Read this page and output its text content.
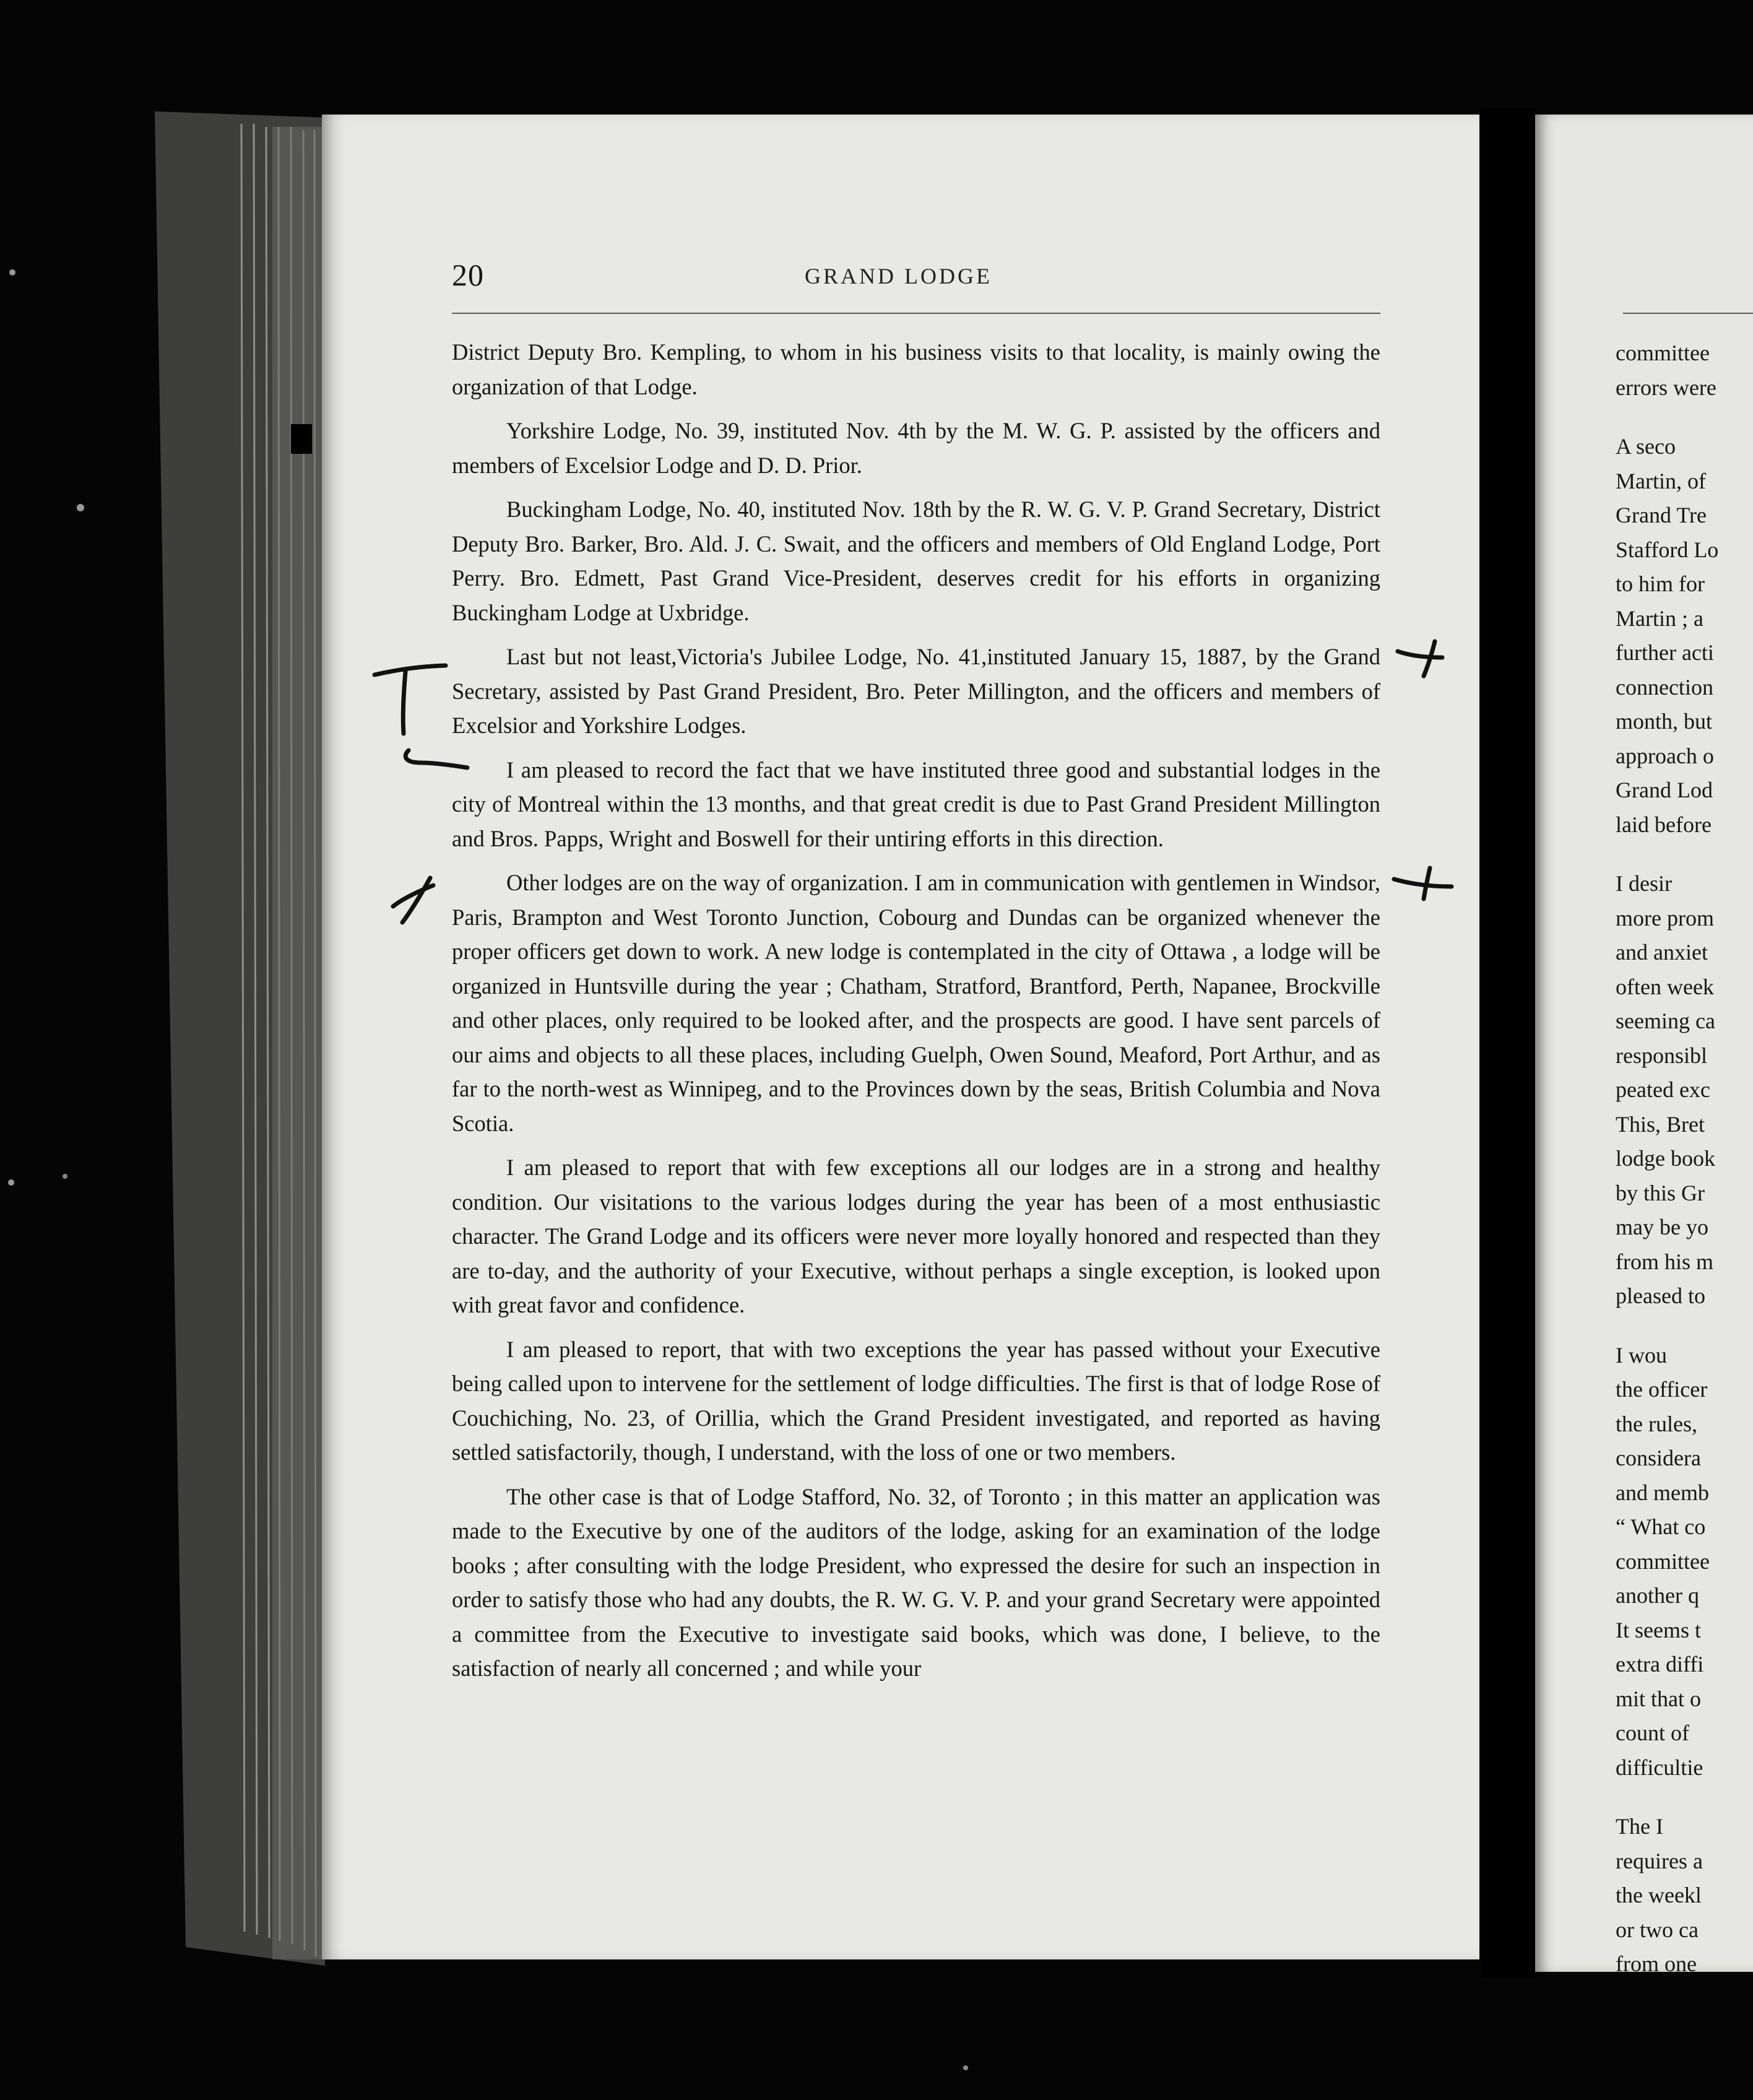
20	GRAND LODGE

District Deputy Bro. Kempling, to whom in his business visits to that locality, is mainly owing the organization of that Lodge.

Yorkshire Lodge, No. 39, instituted Nov. 4th by the M. W. G. P. assisted by the officers and members of Excelsior Lodge and D. D. Prior.

Buckingham Lodge, No. 40, instituted Nov. 18th by the R. W. G. V. P. Grand Secretary, District Deputy Bro. Barker, Bro. Ald. J. C. Swait, and the officers and members of Old England Lodge, Port Perry. Bro. Edmett, Past Grand Vice-President, deserves credit for his efforts in organizing Buckingham Lodge at Uxbridge.

Last but not least,Victoria's Jubilee Lodge, No. 41,instituted January 15, 1887, by the Grand Secretary, assisted by Past Grand President, Bro. Peter Millington, and the officers and members of Excelsior and Yorkshire Lodges.

I am pleased to record the fact that we have instituted three good and substantial lodges in the city of Montreal within the 13 months, and that great credit is due to Past Grand President Millington and Bros. Papps, Wright and Boswell for their untiring efforts in this direction.

Other lodges are on the way of organization. I am in communication with gentlemen in Windsor, Paris, Brampton and West Toronto Junction, Cobourg and Dundas can be organized whenever the proper officers get down to work. A new lodge is contemplated in the city of Ottawa , a lodge will be organized in Huntsville during the year ; Chatham, Stratford, Brantford, Perth, Napanee, Brockville and other places, only required to be looked after, and the prospects are good. I have sent parcels of our aims and objects to all these places, including Guelph, Owen Sound, Meaford, Port Arthur, and as far to the north-west as Winnipeg, and to the Provinces down by the seas, British Columbia and Nova Scotia.

I am pleased to report that with few exceptions all our lodges are in a strong and healthy condition. Our visitations to the various lodges during the year has been of a most enthusiastic character. The Grand Lodge and its officers were never more loyally honored and respected than they are to-day, and the authority of your Executive, without perhaps a single exception, is looked upon with great favor and confidence.

I am pleased to report, that with two exceptions the year has passed without your Executive being called upon to intervene for the settlement of lodge difficulties. The first is that of lodge Rose of Couchiching, No. 23, of Orillia, which the Grand President investigated, and reported as having settled satisfactorily, though, I understand, with the loss of one or two members.

The other case is that of Lodge Stafford, No. 32, of Toronto ; in this matter an application was made to the Executive by one of the auditors of the lodge, asking for an examination of the lodge books ; after consulting with the lodge President, who expressed the desire for such an inspection in order to satisfy those who had any doubts, the R. W. G. V. P. and your grand Secretary were appointed a committee from the Executive to investigate said books, which was done, I believe, to the satisfaction of nearly all concerned ; and while your

committee
errors were
A seco
Martin, of
Grand Tre
Stafford Lo
to him for
Martin ; a
further acti
connection
month, but
approach o
Grand Lod
laid before
I desir
more prom
and anxiet
often week
seeming ca
responsibl
peated exc
This, Bret
lodge book
by this Gr
may be yo
from his m
pleased to
I wou
the officer
the rules,
considera
and memb
“ What co
committee
another q
It seems t
extra diffi
mit that o
count of
difficultie
The I
requires a
the weekl
or two ca
from one
